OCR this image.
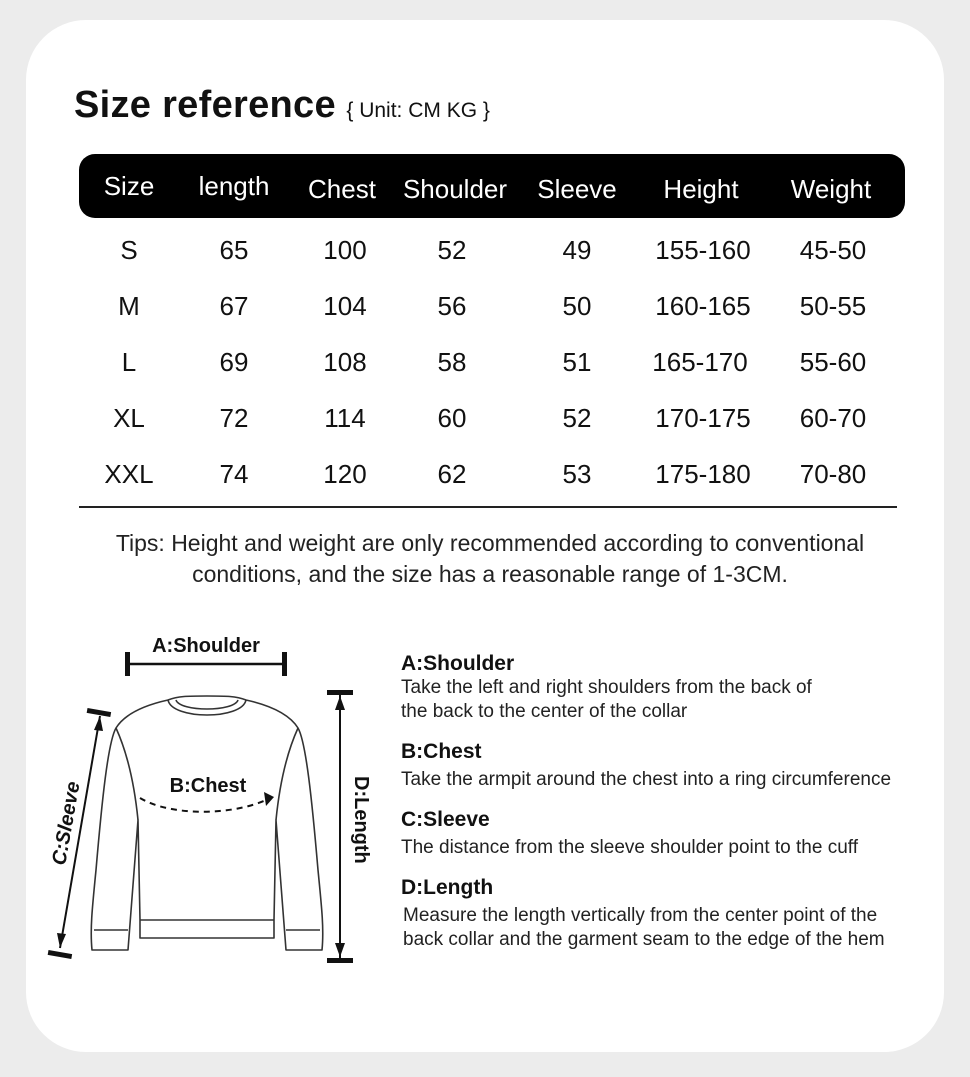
Size reference { Unit: CM KG }
Size	length	Chest	Shoulder	Sleeve	Height	Weight
S	65	100	52	49	155-160	45-50
M	67	104	56	50	160-165	50-55
L	69	108	58	51	165-170	55-60
XL	72	114	60	52	170-175	60-70
XXL	74	120	62	53	175-180	70-80
Tips: Height and weight are only recommended according to conventional
conditions, and the size has a reasonable range of 1-3CM.
A:Shoulder
B:Chest
C:Sleeve	D:Length
A:Shoulder
Take the left and right shoulders from the back of
the back to the center of the collar
B:Chest
Take the armpit around the chest into a ring circumference
C:Sleeve
The distance from the sleeve shoulder point to the cuff
D:Length
Measure the length vertically from the center point of the
back collar and the garment seam to the edge of the hem
